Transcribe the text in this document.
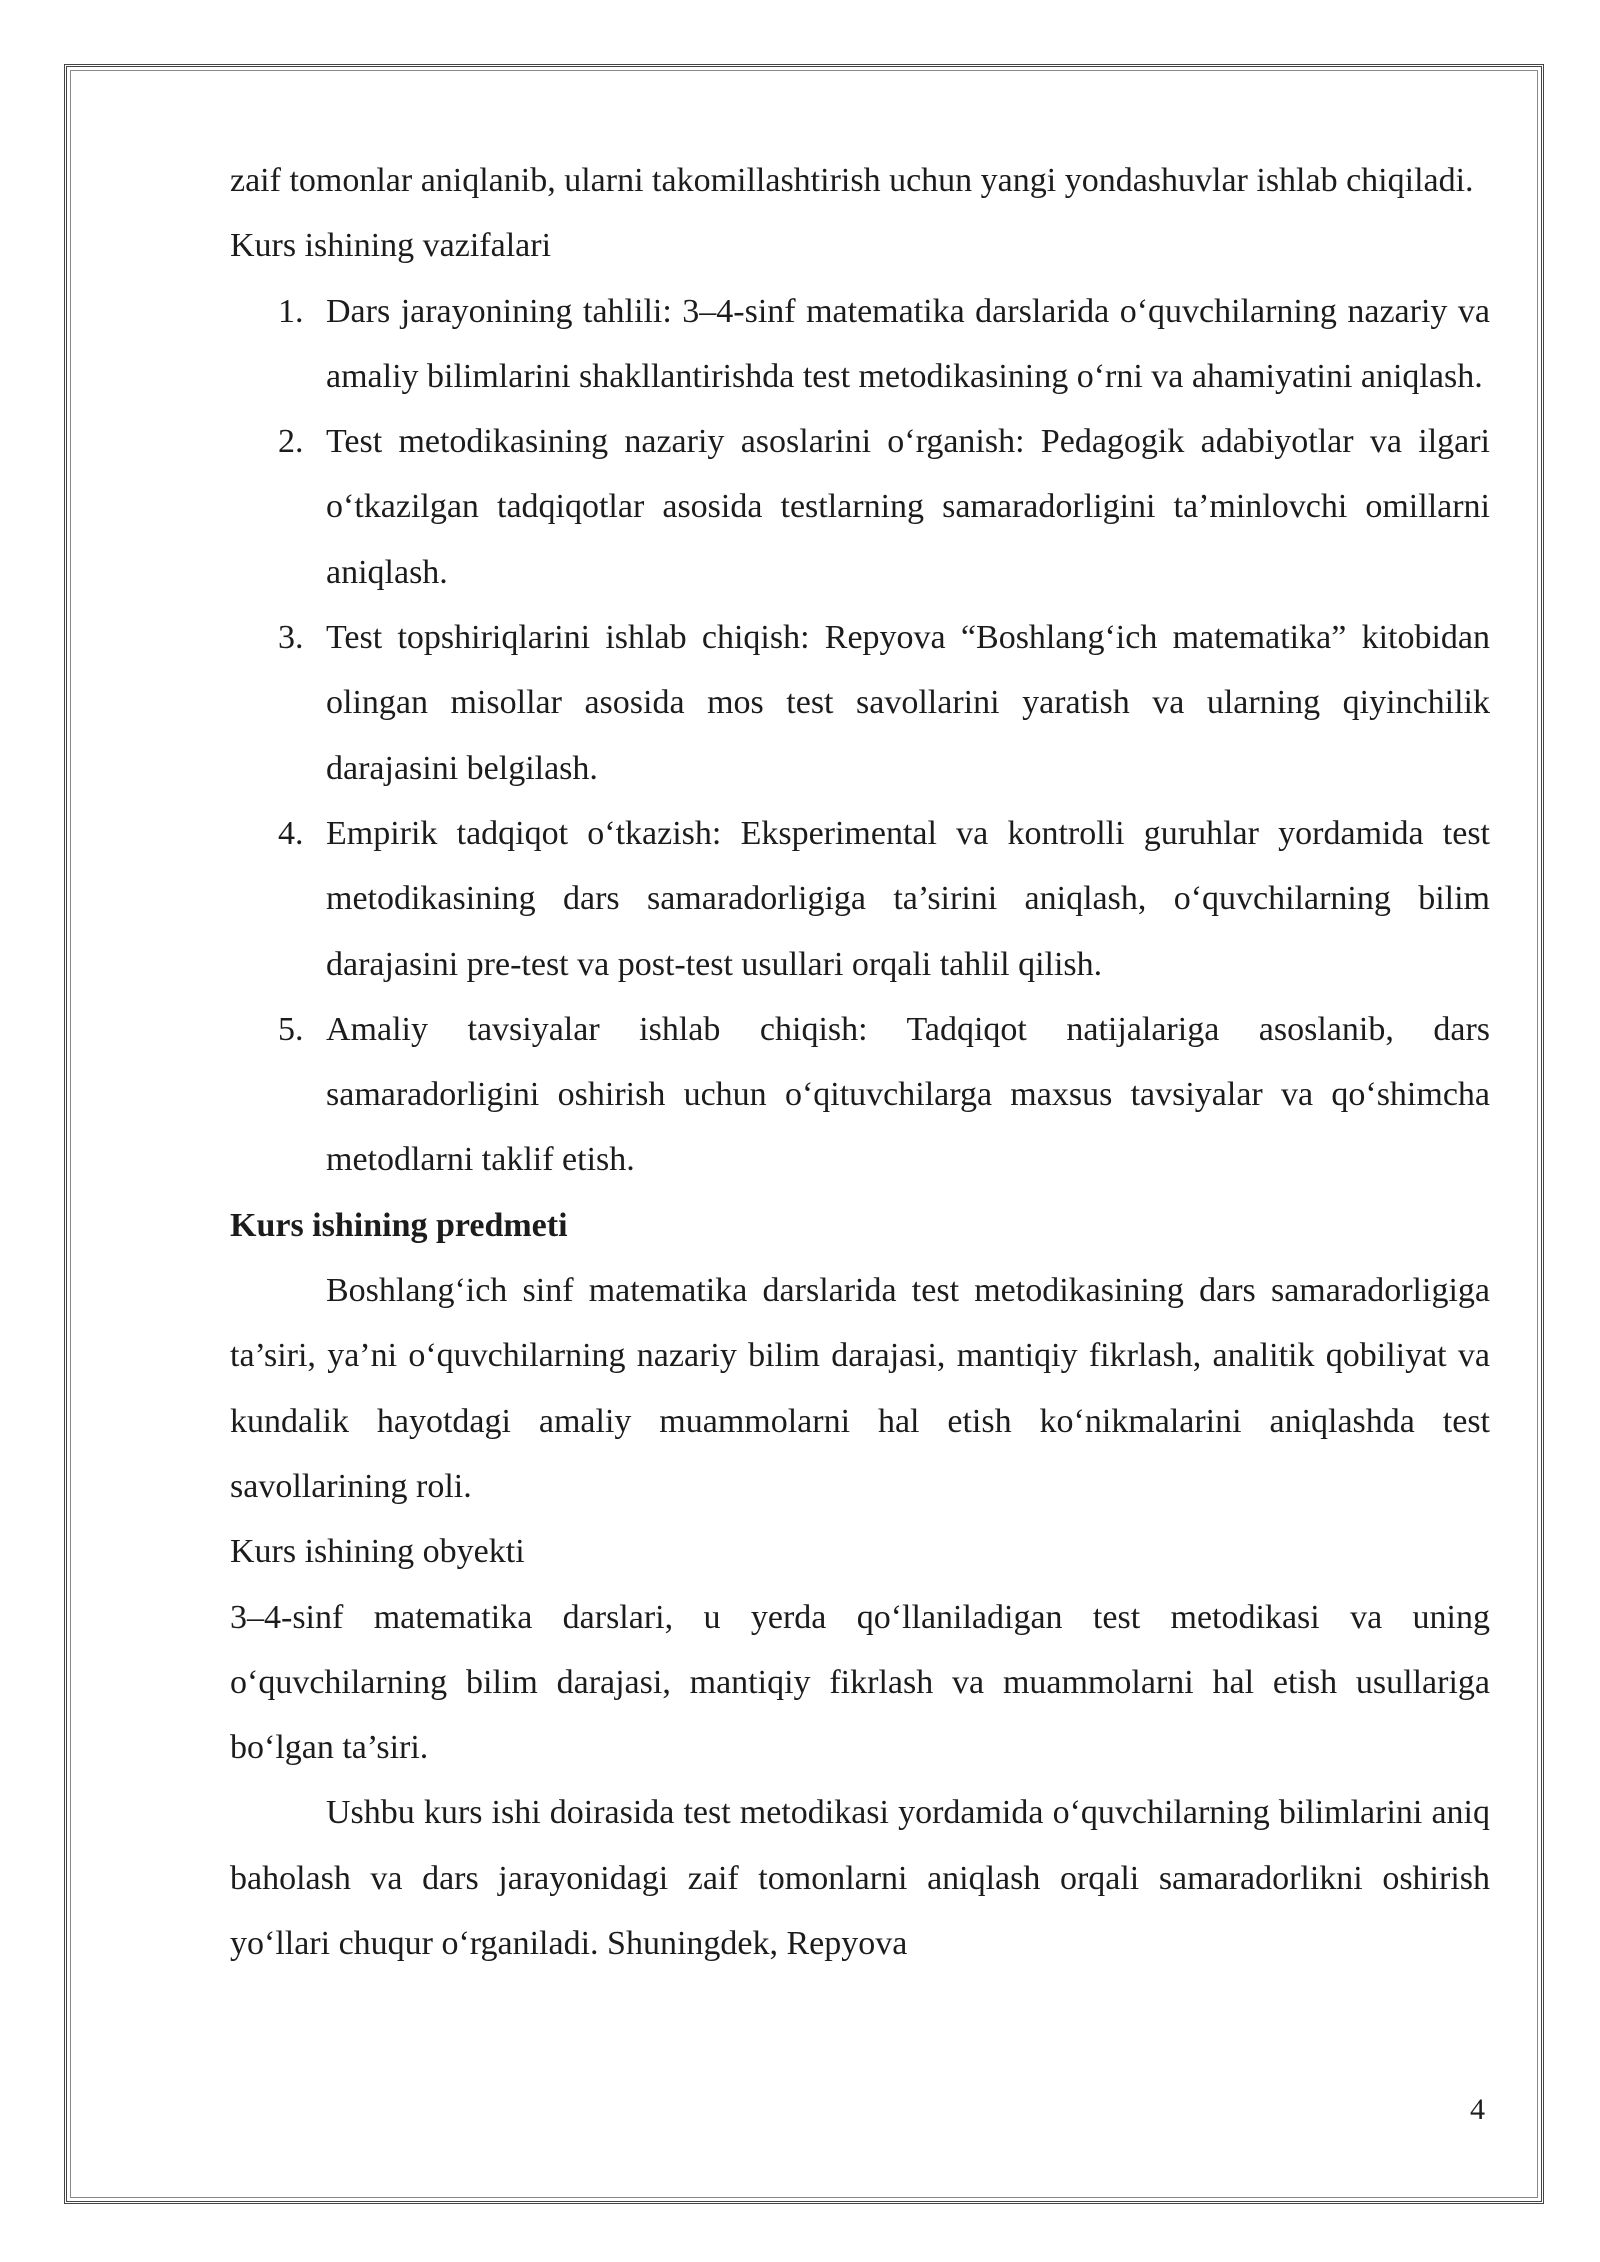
zaif tomonlar aniqlanib, ularni takomillashtirish uchun yangi yondashuvlar ishlab chiqiladi.

Kurs ishining vazifalari

1. Dars jarayonining tahlili: 3–4-sinf matematika darslarida o‘quvchilarning nazariy va amaliy bilimlarini shakllantirishda test metodikasining o‘rni va ahamiyatini aniqlash.
2. Test metodikasining nazariy asoslarini o‘rganish: Pedagogik adabiyotlar va ilgari o‘tkazilgan tadqiqotlar asosida testlarning samaradorligini ta’minlovchi omillarni aniqlash.
3. Test topshiriqlarini ishlab chiqish: Repyova “Boshlang‘ich matematika” kitobidan olingan misollar asosida mos test savollarini yaratish va ularning qiyinchilik darajasini belgilash.
4. Empirik tadqiqot o‘tkazish: Eksperimental va kontrolli guruhlar yordamida test metodikasining dars samaradorligiga ta’sirini aniqlash, o‘quvchilarning bilim darajasini pre-test va post-test usullari orqali tahlil qilish.
5. Amaliy tavsiyalar ishlab chiqish: Tadqiqot natijalariga asoslanib, dars samaradorligini oshirish uchun o‘qituvchilarga maxsus tavsiyalar va qo‘shimcha metodlarni taklif etish.

Kurs ishining predmeti

Boshlang‘ich sinf matematika darslarida test metodikasining dars samaradorligiga ta’siri, ya’ni o‘quvchilarning nazariy bilim darajasi, mantiqiy fikrlash, analitik qobiliyat va kundalik hayotdagi amaliy muammolarni hal etish ko‘nikmalarini aniqlashda test savollarining roli.

Kurs ishining obyekti

3–4-sinf matematika darslari, u yerda qo‘llaniladigan test metodikasi va uning o‘quvchilarning bilim darajasi, mantiqiy fikrlash va muammolarni hal etish usullariga bo‘lgan ta’siri.

Ushbu kurs ishi doirasida test metodikasi yordamida o‘quvchilarning bilimlarini aniq baholash va dars jarayonidagi zaif tomonlarni aniqlash orqali samaradorlikni oshirish yo‘llari chuqur o‘rganiladi. Shuningdek, Repyova

4
